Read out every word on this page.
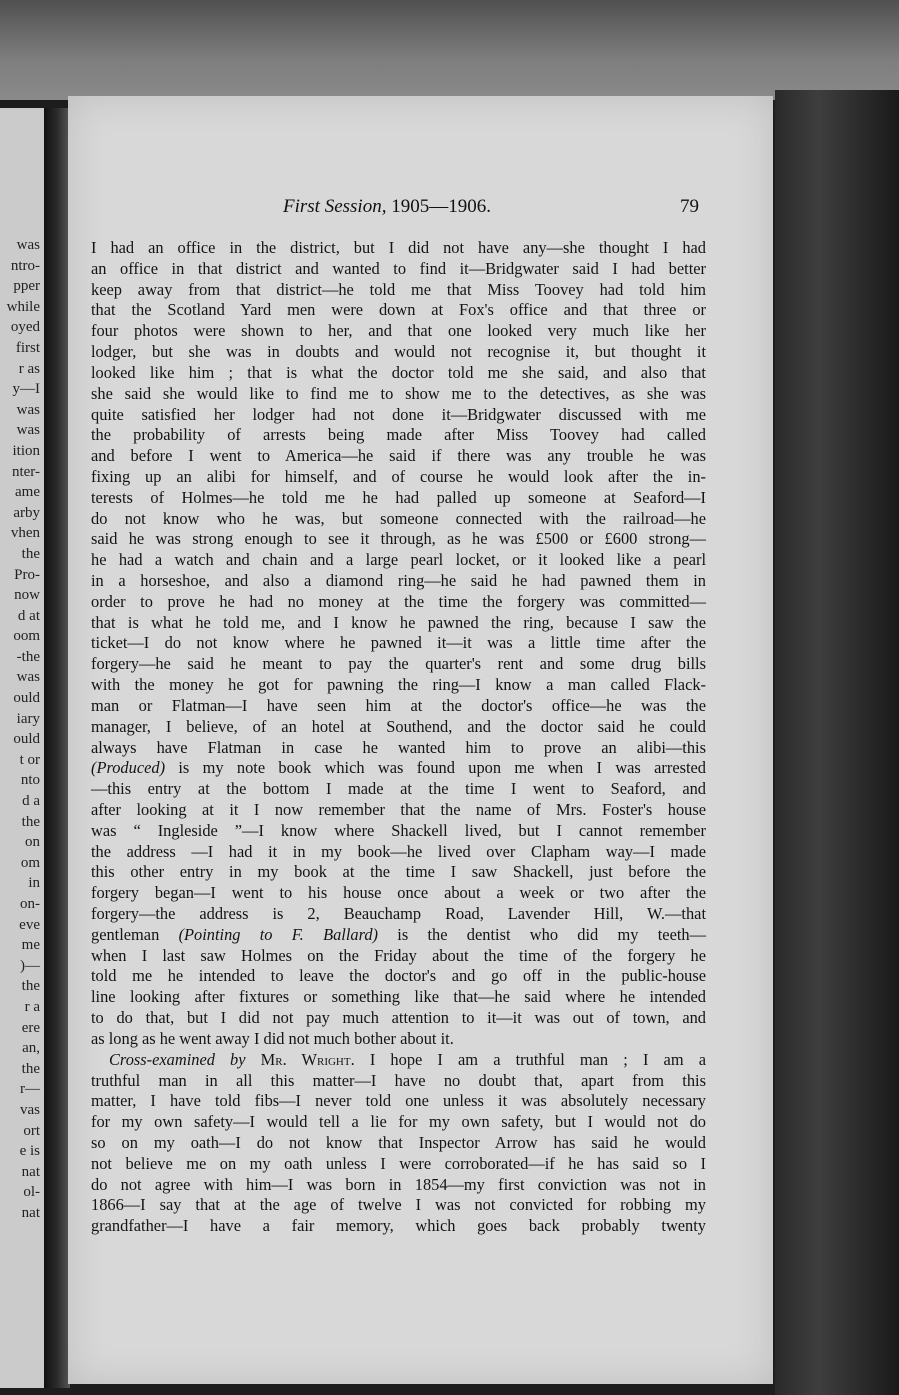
was
ntro-
pper
while
oyed
first
r as
y—I
was
was
ition
nter-
ame
arby
vhen
the
Pro-
now
d at
oom
-the
was
ould
iary
ould
t or
nto
d a
the
on
om
in
on-
eve
me
)—
the
r a
ere
an,
the
r—
vas
ort
e is
nat
ol-
nat
First Session, 1905—1906.	79
I had an office in the district, but I did not have any—she thought I had
an office in that district and wanted to find it—Bridgwater said I had better
keep away from that district—he told me that Miss Toovey had told him
that the Scotland Yard men were down at Fox's office and that three or
four photos were shown to her, and that one looked very much like her
lodger, but she was in doubts and would not recognise it, but thought it
looked like him ; that is what the doctor told me she said, and also that
she said she would like to find me to show me to the detectives, as she was
quite satisfied her lodger had not done it—Bridgwater discussed with me
the probability of arrests being made after Miss Toovey had called
and before I went to America—he said if there was any trouble he was
fixing up an alibi for himself, and of course he would look after the in-
terests of Holmes—he told me he had palled up someone at Seaford—I
do not know who he was, but someone connected with the railroad—he
said he was strong enough to see it through, as he was £500 or £600 strong—
he had a watch and chain and a large pearl locket, or it looked like a pearl
in a horseshoe, and also a diamond ring—he said he had pawned them in
order to prove he had no money at the time the forgery was committed—
that is what he told me, and I know he pawned the ring, because I saw the
ticket—I do not know where he pawned it—it was a little time after the
forgery—he said he meant to pay the quarter's rent and some drug bills
with the money he got for pawning the ring—I know a man called Flack-
man or Flatman—I have seen him at the doctor's office—he was the
manager, I believe, of an hotel at Southend, and the doctor said he could
always have Flatman in case he wanted him to prove an alibi—this
(Produced) is my note book which was found upon me when I was arrested
—this entry at the bottom I made at the time I went to Seaford, and
after looking at it I now remember that the name of Mrs. Foster's house
was “ Ingleside ”—I know where Shackell lived, but I cannot remember
the address —I had it in my book—he lived over Clapham way—I made
this other entry in my book at the time I saw Shackell, just before the
forgery began—I went to his house once about a week or two after the
forgery—the address is 2, Beauchamp Road, Lavender Hill, W.—that
gentleman (Pointing to F. Ballard) is the dentist who did my teeth—
when I last saw Holmes on the Friday about the time of the forgery he
told me he intended to leave the doctor's and go off in the public-house
line looking after fixtures or something like that—he said where he intended
to do that, but I did not pay much attention to it—it was out of town, and
as long as he went away I did not much bother about it.
Cross-examined by Mr. Wright. I hope I am a truthful man ; I am a
truthful man in all this matter—I have no doubt that, apart from this
matter, I have told fibs—I never told one unless it was absolutely necessary
for my own safety—I would tell a lie for my own safety, but I would not do
so on my oath—I do not know that Inspector Arrow has said he would
not believe me on my oath unless I were corroborated—if he has said so I
do not agree with him—I was born in 1854—my first conviction was not in
1866—I say that at the age of twelve I was not convicted for robbing my
grandfather—I have a fair memory, which goes back probably twenty
